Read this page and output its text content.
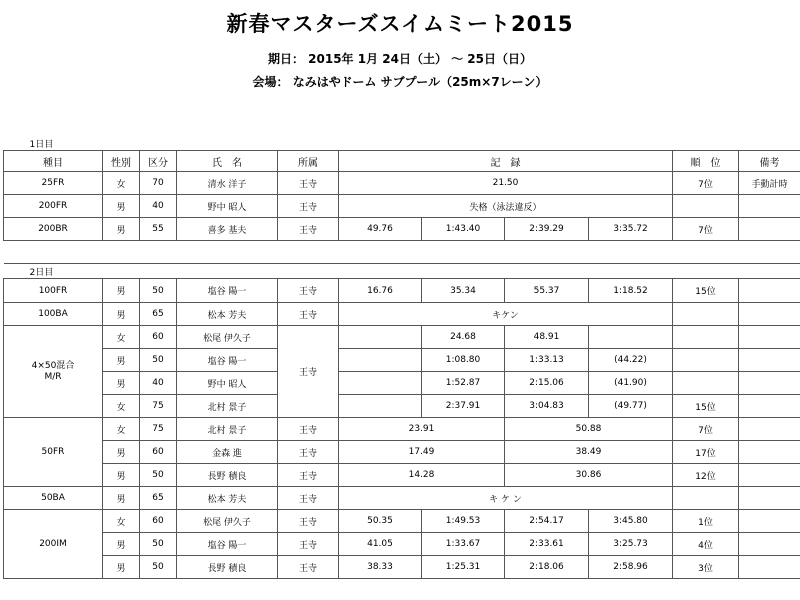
新春マスターズスイムミート2015
期日： 2015年 1月 24日（土） ～ 25日（日）
会場： なみはやドーム サブプール（25m×7レーン）
1日目										
種目	性別	区分	氏　名	所属	記　録				順　位	備考
25FR	女	70	清水 洋子	王寺	21.50				7位	手動計時
200FR	男	40	野中 昭人	王寺	失格（泳法違反）					
200BR	男	55	喜多 基夫	王寺	49.76	1:43.40	2:39.29	3:35.72	7位	

2日目										
100FR	男	50	塩谷 陽一	王寺	16.76	35.34	55.37	1:18.52	15位	
100BA	男	65	松本 芳夫	王寺	キケン					
4×50混合
M/R	女	60	松尾 伊久子	王寺		24.68	48.91			
	男	50	塩谷 陽一			1:08.80	1:33.13	(44.22)		
	男	40	野中 昭人			1:52.87	2:15.06	(41.90)		
	女	75	北村 景子			2:37.91	3:04.83	(49.77)	15位	
50FR	女	75	北村 景子	王寺	23.91		50.88		7位	
	男	60	金森 進	王寺	17.49		38.49		17位	
	男	50	長野 積良	王寺	14.28		30.86		12位	
50BA	男	65	松本 芳夫	王寺	キ ケ ン					
200IM	女	60	松尾 伊久子	王寺	50.35	1:49.53	2:54.17	3:45.80	1位	
	男	50	塩谷 陽一	王寺	41.05	1:33.67	2:33.61	3:25.73	4位	
	男	50	長野 積良	王寺	38.33	1:25.31	2:18.06	2:58.96	3位	
